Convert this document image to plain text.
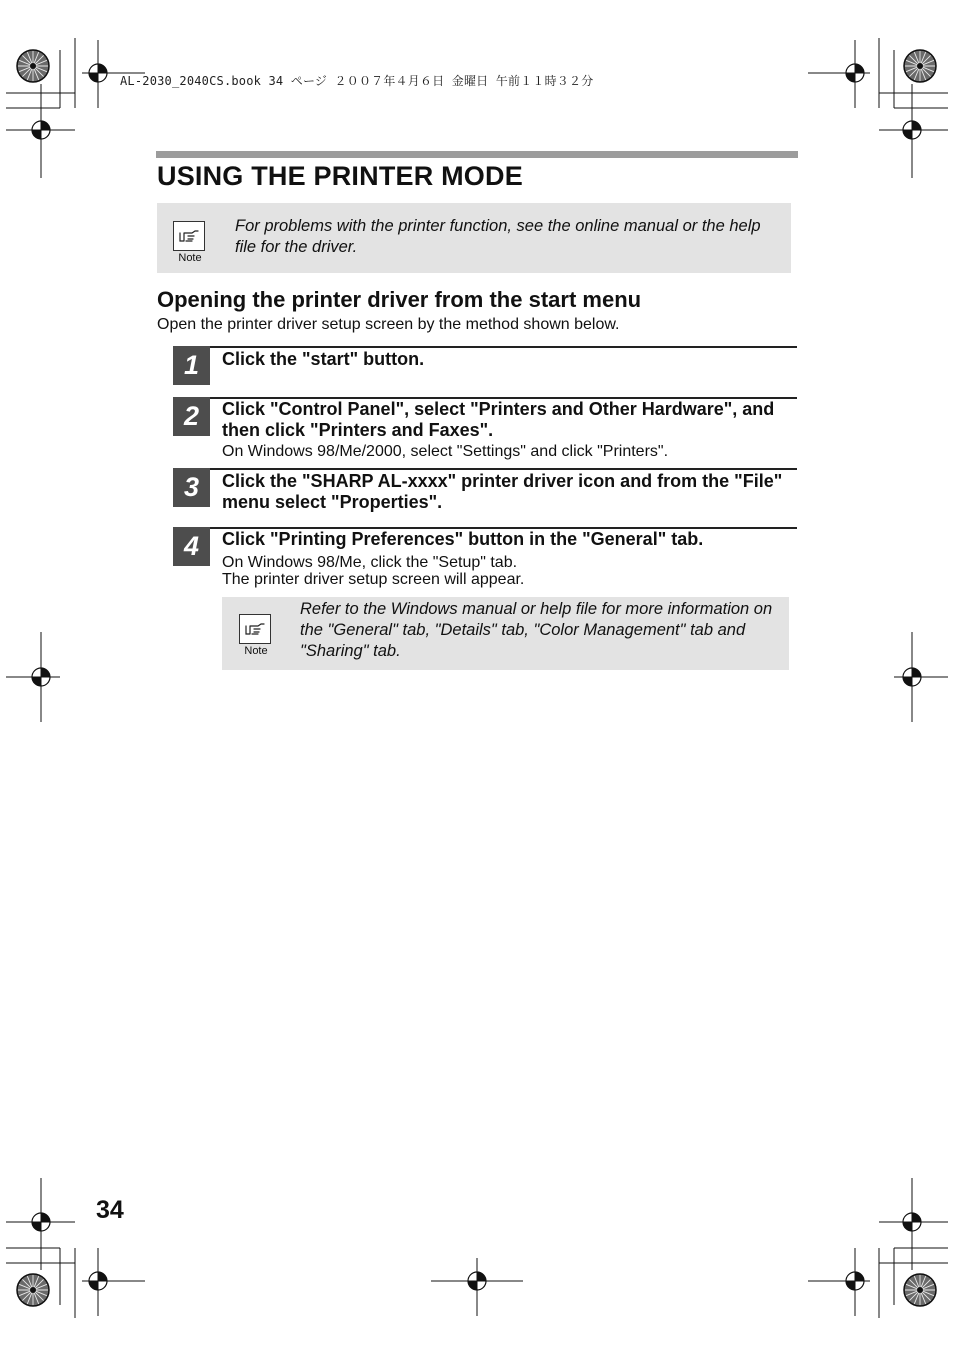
AL-2030_2040CS.book 34 ページ ２００７年４月６日 金曜日 午前１１時３２分
USING THE PRINTER MODE
Note
For problems with the printer function, see the online manual or the help file for the driver.
Opening the printer driver from the start menu
Open the printer driver setup screen by the method shown below.
1	Click the "start" button.
2	Click "Control Panel", select "Printers and Other Hardware", and then click "Printers and Faxes".
On Windows 98/Me/2000, select "Settings" and click "Printers".
3	Click the "SHARP AL-xxxx" printer driver icon and from the "File" menu select "Properties".
4	Click "Printing Preferences" button in the "General" tab.
On Windows 98/Me, click the "Setup" tab.
The printer driver setup screen will appear.
Note
Refer to the Windows manual or help file for more information on the "General" tab, "Details" tab, "Color Management" tab and "Sharing" tab.
34
